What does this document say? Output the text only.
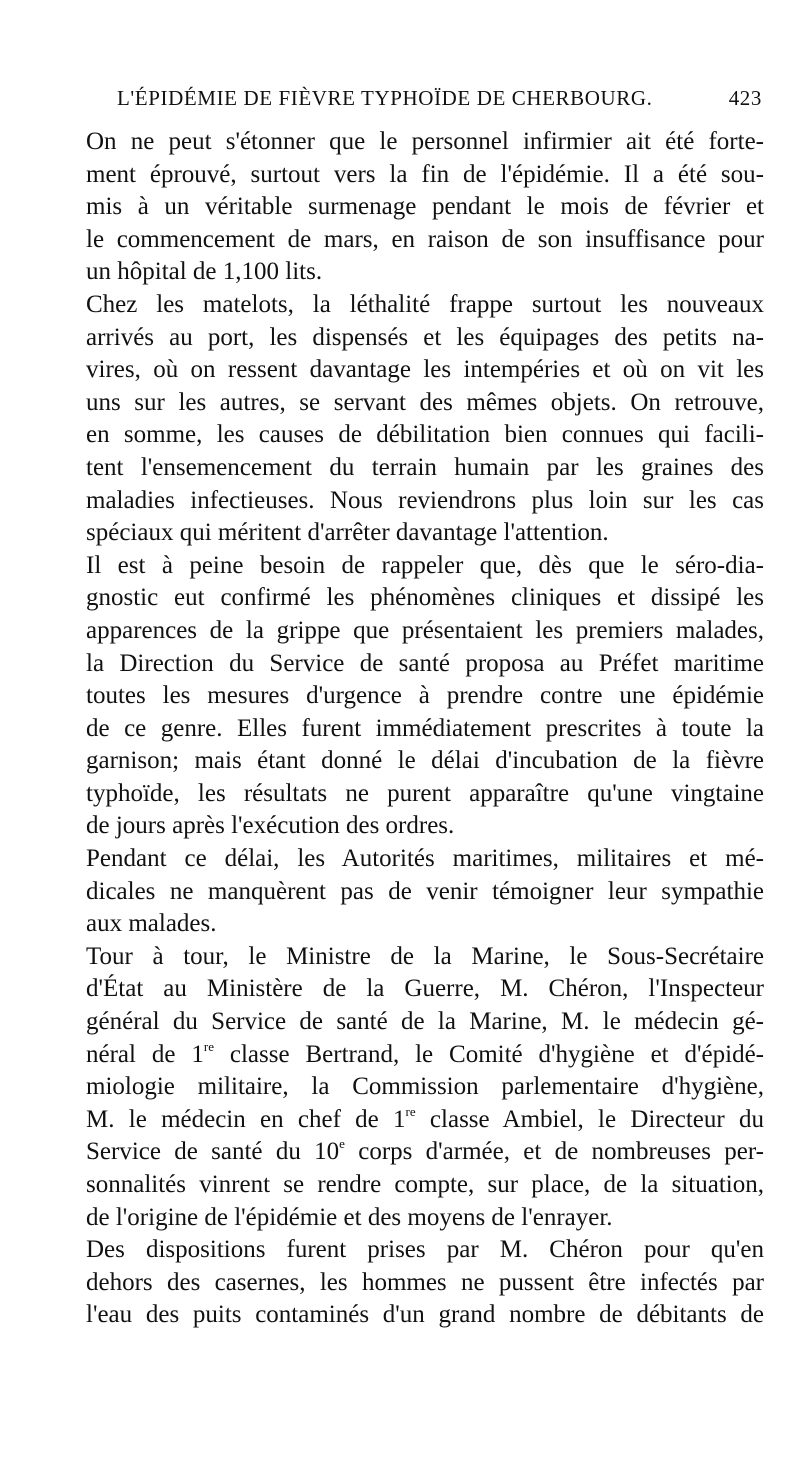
L'ÉPIDÉMIE DE FIÈVRE TYPHOÏDE DE CHERBOURG.	423

On ne peut s'étonner que le personnel infirmier ait été forte-
ment éprouvé, surtout vers la fin de l'épidémie. Il a été sou-
mis à un véritable surmenage pendant le mois de février et
le commencement de mars, en raison de son insuffisance pour
un hôpital de 1,100 lits.

Chez les matelots, la léthalité frappe surtout les nouveaux
arrivés au port, les dispensés et les équipages des petits na-
vires, où on ressent davantage les intempéries et où on vit les
uns sur les autres, se servant des mêmes objets. On retrouve,
en somme, les causes de débilitation bien connues qui facili-
tent l'ensemencement du terrain humain par les graines des
maladies infectieuses. Nous reviendrons plus loin sur les cas
spéciaux qui méritent d'arrêter davantage l'attention.

Il est à peine besoin de rappeler que, dès que le séro-dia-
gnostic eut confirmé les phénomènes cliniques et dissipé les
apparences de la grippe que présentaient les premiers malades,
la Direction du Service de santé proposa au Préfet maritime
toutes les mesures d'urgence à prendre contre une épidémie
de ce genre. Elles furent immédiatement prescrites à toute la
garnison; mais étant donné le délai d'incubation de la fièvre
typhoïde, les résultats ne purent apparaître qu'une vingtaine
de jours après l'exécution des ordres.

Pendant ce délai, les Autorités maritimes, militaires et mé-
dicales ne manquèrent pas de venir témoigner leur sympathie
aux malades.

Tour à tour, le Ministre de la Marine, le Sous-Secrétaire
d'État au Ministère de la Guerre, M. Chéron, l'Inspecteur
général du Service de santé de la Marine, M. le médecin gé-
néral de 1re classe Bertrand, le Comité d'hygiène et d'épidé-
miologie militaire, la Commission parlementaire d'hygiène,
M. le médecin en chef de 1re classe Ambiel, le Directeur du
Service de santé du 10e corps d'armée, et de nombreuses per-
sonnalités vinrent se rendre compte, sur place, de la situation,
de l'origine de l'épidémie et des moyens de l'enrayer.

Des dispositions furent prises par M. Chéron pour qu'en
dehors des casernes, les hommes ne pussent être infectés par
l'eau des puits contaminés d'un grand nombre de débitants de
